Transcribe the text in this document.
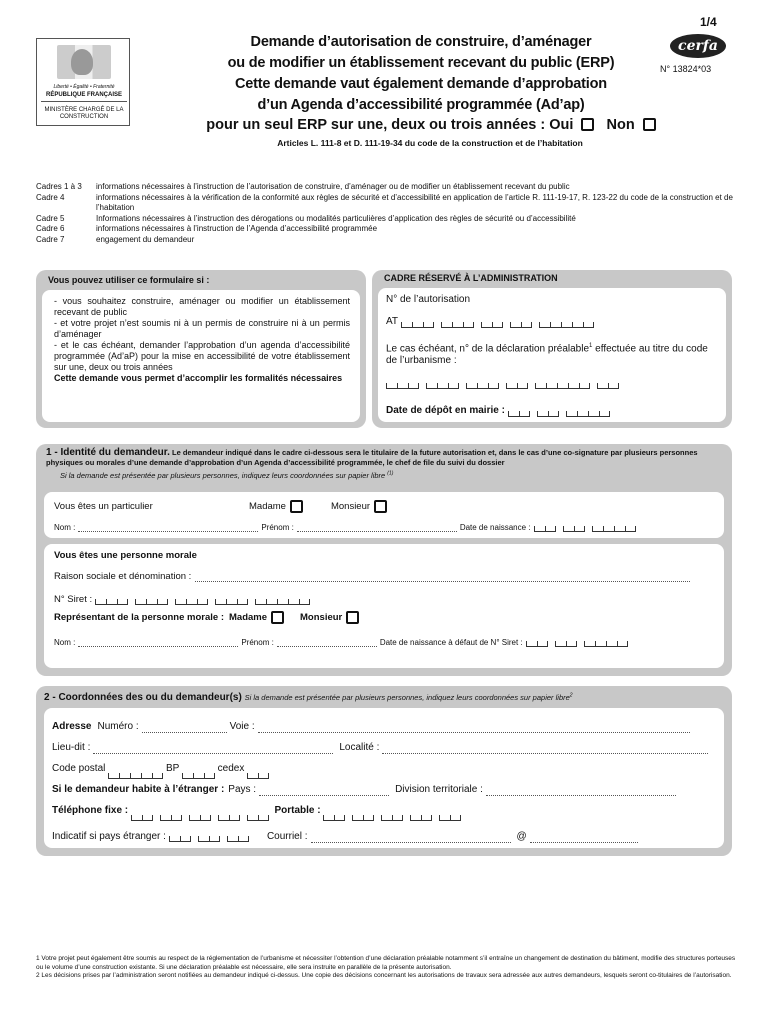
Liberté • Égalité • Fraternité
RÉPUBLIQUE FRANÇAISE
MINISTÈRE CHARGÉ DE LA CONSTRUCTION
1/4
cerfa
N° 13824*03
Demande d’autorisation de construire, d’aménager
ou de modifier un établissement recevant du public (ERP)
Cette demande vaut également demande d’approbation
d’un Agenda d’accessibilité programmée (Ad’ap)
pour un seul ERP sur une, deux ou trois années : Oui Non
Articles L. 111-8 et D. 111-19-34 du code de la construction et de l’habitation
Cadres 1 à 3	informations nécessaires à l’instruction de l’autorisation de construire, d’aménager ou de modifier un établissement recevant du public
Cadre 4	informations nécessaires à la vérification de la conformité aux règles de sécurité et d’accessibilité en application de l’article R. 111-19-17, R. 123-22 du code de la construction et de l’habitation
Cadre 5	Informations nécessaires à l’instruction des dérogations ou modalités particulières d’application des règles de sécurité ou d’accessibilité
Cadre 6	informations nécessaires à l’instruction de l’Agenda d’accessibilité programmée
Cadre 7	engagement du demandeur
Vous pouvez utiliser ce formulaire si :
- vous souhaitez construire, aménager ou modifier un établissement recevant de public
- et votre projet n’est soumis ni à un permis de construire ni à un permis d’aménager
- et le cas échéant, demander l’approbation d’un agenda d’accessibilité programmée (Ad’aP) pour la mise en accessibilité de votre établissement sur une, deux ou trois années
Cette demande vous permet d’accomplir les formalités nécessaires
CADRE RÉSERVÉ À L’ADMINISTRATION
N° de l’autorisation
AT
Le cas échéant, n° de la déclaration préalable$^1$ effectuée au titre du code de l’urbanisme :
Date de dépôt en mairie :
1 - Identité du demandeur. Le demandeur indiqué dans le cadre ci-dessous sera le titulaire de la future autorisation et, dans le cas d’une co-signature par plusieurs personnes physiques ou morales d’une demande d’approbation d’un Agenda d’accessibilité programmée, le chef de file du suivi du dossier
Si la demande est présentée par plusieurs personnes, indiquez leurs coordonnées sur papier libre $^{(1)}$
Vous êtes un particulier	Madame	Monsieur
Nom :	Prénom :	Date de naissance :
Vous êtes une personne morale
Raison sociale et dénomination :
N° Siret :
Représentant de la personne morale : Madame	Monsieur
Nom :	Prénom :	Date de naissance à défaut de N° Siret :
2 - Coordonnées des ou du demandeur(s) Si la demande est présentée par plusieurs personnes, indiquez leurs coordonnées sur papier libre$^2$
Adresse Numéro :	Voie :
Lieu-dit :	Localité :
Code postal	BP	cedex
Si le demandeur habite à l’étranger : Pays :	Division territoriale :
Téléphone fixe :	Portable :
Indicatif si pays étranger :	Courriel :	@
1 Votre projet peut également être soumis au respect de la réglementation de l’urbanisme et nécessiter l’obtention d’une déclaration préalable notamment s’il entraîne un changement de destination du bâtiment, modifie des structures porteuses ou le volume d’une construction existante. Si une déclaration préalable est nécessaire, elle sera instruite en parallèle de la présente autorisation.
2 Les décisions prises par l’administration seront notifiées au demandeur indiqué ci-dessus. Une copie des décisions concernant les autorisations de travaux sera adressée aux autres demandeurs, lesquels seront co-titulaires de l’autorisation.
